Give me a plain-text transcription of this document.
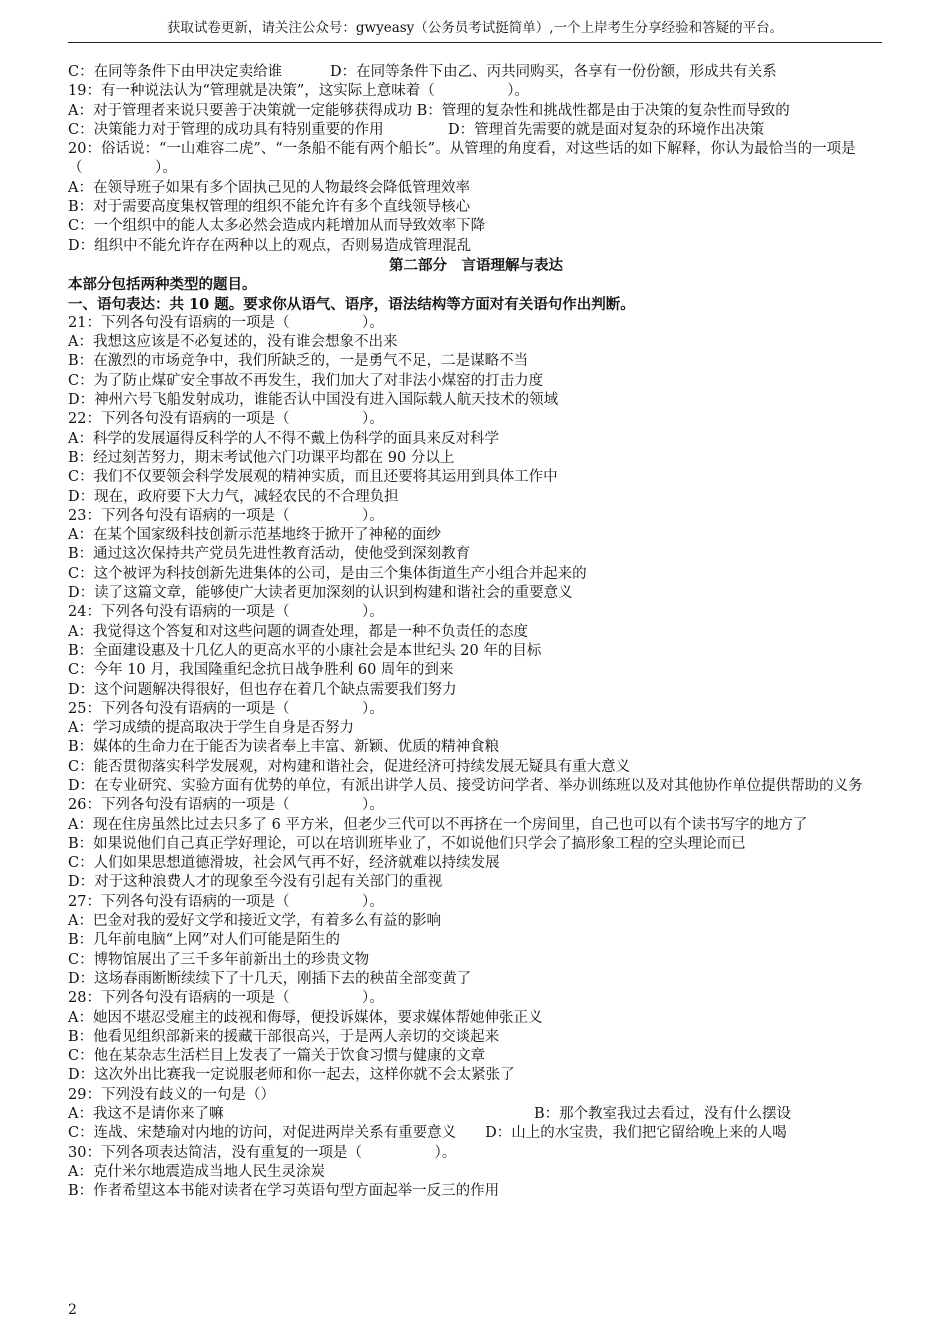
获取试卷更新，请关注公众号：gwyeasy（公务员考试挺简单）,一个上岸考生分享经验和答疑的平台。
C：在同等条件下由甲决定卖给谁	D：在同等条件下由乙、丙共同购买，各享有一份份额，形成共有关系
19：有一种说法认为“管理就是决策”，这实际上意味着（　　　　　）。
A：对于管理者来说只要善于决策就一定能够获得成功 B：管理的复杂性和挑战性都是由于决策的复杂性而导致的
C：决策能力对于管理的成功具有特别重要的作用	D：管理首先需要的就是面对复杂的环境作出决策
20：俗话说：“一山难容二虎”、“一条船不能有两个船长”。从管理的角度看，对这些话的如下解释，你认为最恰当的一项是（　　　　　）。
A：在领导班子如果有多个固执己见的人物最终会降低管理效率
B：对于需要高度集权管理的组织不能允许有多个直线领导核心
C：一个组织中的能人太多必然会造成内耗增加从而导致效率下降
D：组织中不能允许存在两种以上的观点，否则易造成管理混乱
第二部分　言语理解与表达
本部分包括两种类型的题目。
一、语句表达：共 10 题。要求你从语气、语序，语法结构等方面对有关语句作出判断。
21：下列各句没有语病的一项是（　　　　　）。
A：我想这应该是不必复述的，没有谁会想象不出来
B：在激烈的市场竞争中，我们所缺乏的，一是勇气不足，二是谋略不当
C：为了防止煤矿安全事故不再发生，我们加大了对非法小煤窑的打击力度
D：神州六号飞船发射成功，谁能否认中国没有进入国际载人航天技术的领域
22：下列各句没有语病的一项是（　　　　　）。
A：科学的发展逼得反科学的人不得不戴上伪科学的面具来反对科学
B：经过刻苦努力，期末考试他六门功课平均都在 90 分以上
C：我们不仅要领会科学发展观的精神实质，而且还要将其运用到具体工作中
D：现在，政府要下大力气，减轻农民的不合理负担
23：下列各句没有语病的一项是（　　　　　）。
A：在某个国家级科技创新示范基地终于掀开了神秘的面纱
B：通过这次保持共产党员先进性教育活动，使他受到深刻教育
C：这个被评为科技创新先进集体的公司，是由三个集体街道生产小组合并起来的
D：读了这篇文章，能够使广大读者更加深刻的认识到构建和谐社会的重要意义
24：下列各句没有语病的一项是（　　　　　）。
A：我觉得这个答复和对这些问题的调查处理，都是一种不负责任的态度
B：全面建设惠及十几亿人的更高水平的小康社会是本世纪头 20 年的目标
C：今年 10 月，我国隆重纪念抗日战争胜利 60 周年的到来
D：这个问题解决得很好，但也存在着几个缺点需要我们努力
25：下列各句没有语病的一项是（　　　　　）。
A：学习成绩的提高取决于学生自身是否努力
B：媒体的生命力在于能否为读者奉上丰富、新颖、优质的精神食粮
C：能否贯彻落实科学发展观，对构建和谐社会，促进经济可持续发展无疑具有重大意义
D：在专业研究、实验方面有优势的单位，有派出讲学人员、接受访问学者、举办训练班以及对其他协作单位提供帮助的义务
26：下列各句没有语病的一项是（　　　　　）。
A：现在住房虽然比过去只多了 6 平方米，但老少三代可以不再挤在一个房间里，自己也可以有个读书写字的地方了
B：如果说他们自己真正学好理论，可以在培训班毕业了，不如说他们只学会了搞形象工程的空头理论而已
C：人们如果思想道德滑坡，社会风气再不好，经济就难以持续发展
D：对于这种浪费人才的现象至今没有引起有关部门的重视
27：下列各句没有语病的一项是（　　　　　）。
A：巴金对我的爱好文学和接近文学，有着多么有益的影响
B：几年前电脑“上网”对人们可能是陌生的
C：博物馆展出了三千多年前新出土的珍贵文物
D：这场春雨断断续续下了十几天，刚插下去的秧苗全部变黄了
28：下列各句没有语病的一项是（　　　　　）。
A：她因不堪忍受雇主的歧视和侮辱，便投诉媒体，要求媒体帮她伸张正义
B：他看见组织部新来的援藏干部很高兴，于是两人亲切的交谈起来
C：他在某杂志生活栏目上发表了一篇关于饮食习惯与健康的文章
D：这次外出比赛我一定说服老师和你一起去，这样你就不会太紧张了
29：下列没有歧义的一句是（）
A：我这不是请你来了嘛	B：那个教室我过去看过，没有什么摆设
C：连战、宋楚瑜对内地的访问，对促进两岸关系有重要意义　　D：山上的水宝贵，我们把它留给晚上来的人喝
30：下列各项表达简洁，没有重复的一项是（　　　　　）。
A：克什米尔地震造成当地人民生灵涂炭
B：作者希望这本书能对读者在学习英语句型方面起举一反三的作用
2
